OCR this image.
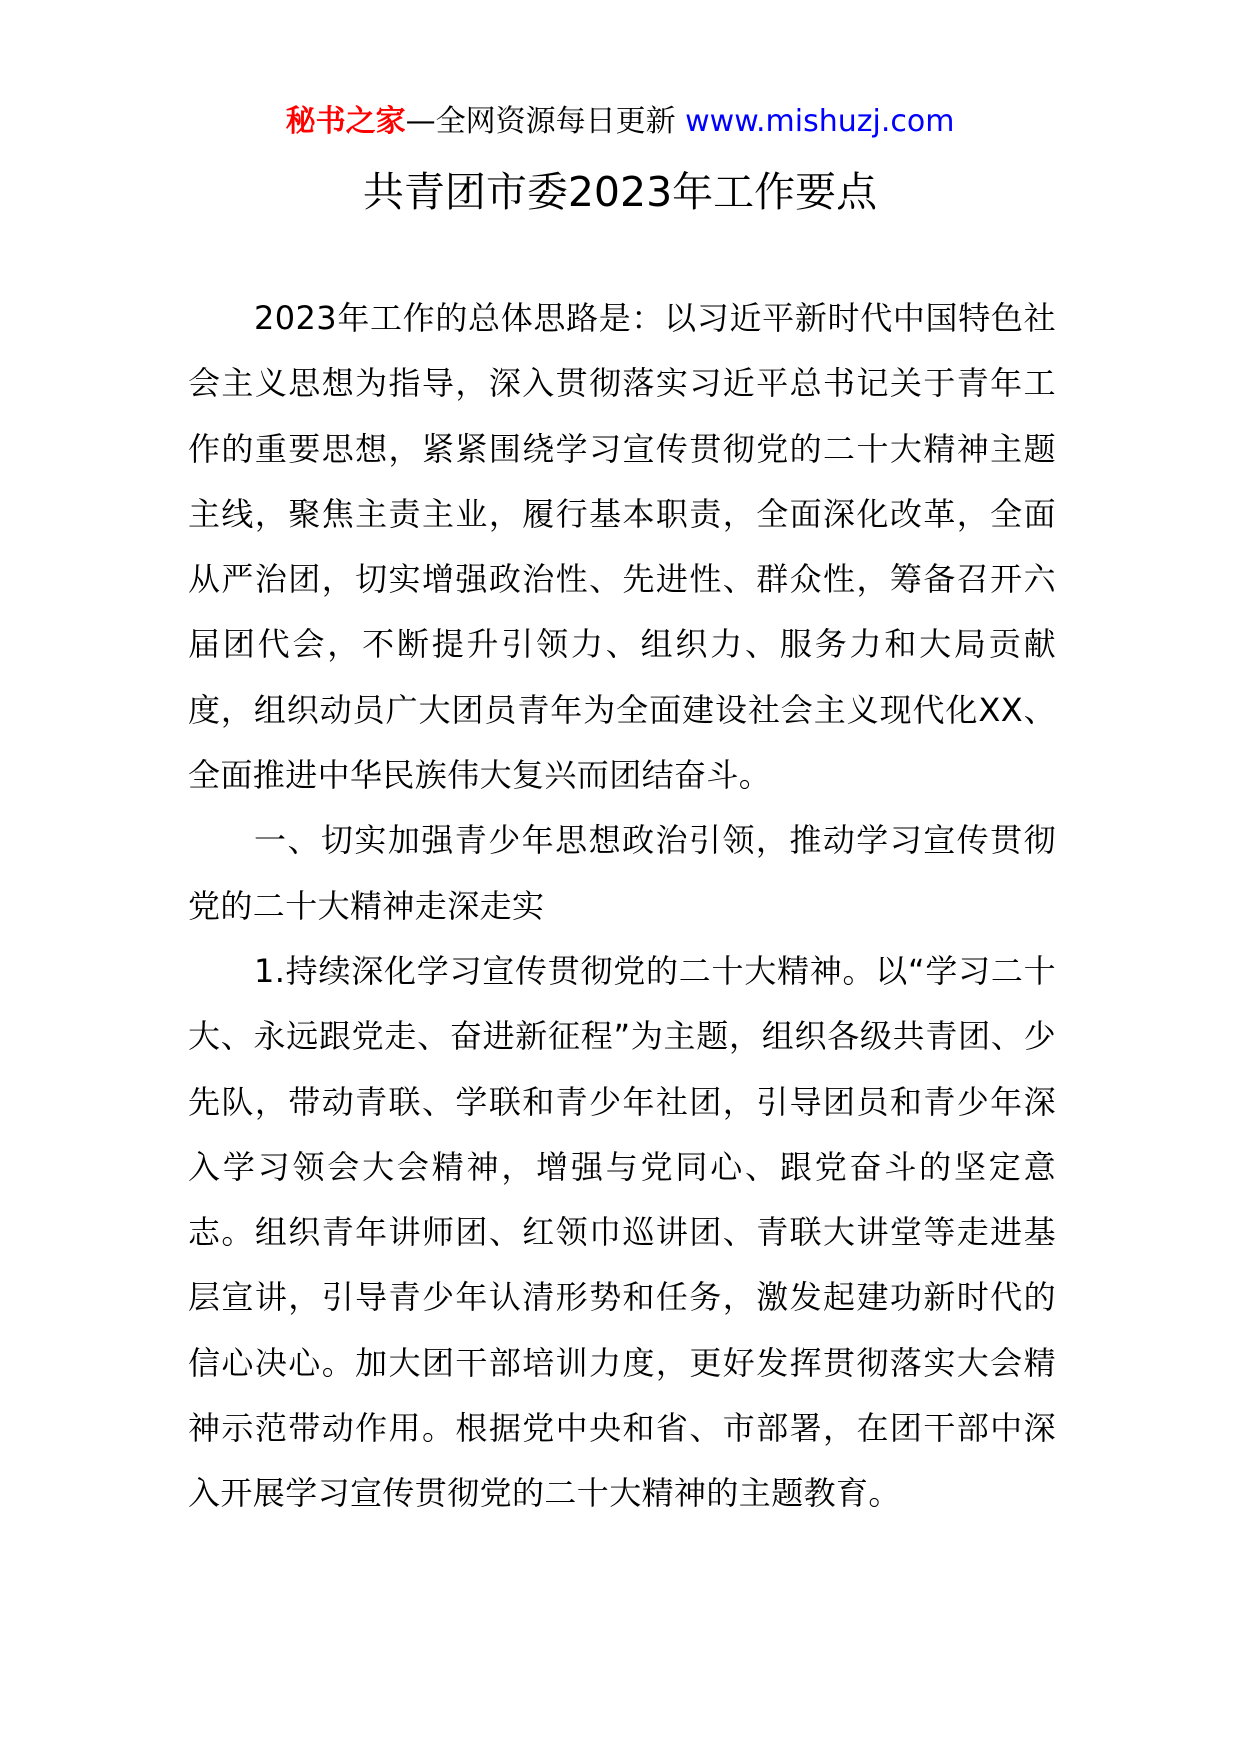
秘书之家—全网资源每日更新 www.mishuzj.com
共青团市委2023年工作要点

2023年工作的总体思路是：以习近平新时代中国特色社会主义思想为指导，深入贯彻落实习近平总书记关于青年工作的重要思想，紧紧围绕学习宣传贯彻党的二十大精神主题主线，聚焦主责主业，履行基本职责，全面深化改革，全面从严治团，切实增强政治性、先进性、群众性，筹备召开六届团代会，不断提升引领力、组织力、服务力和大局贡献度，组织动员广大团员青年为全面建设社会主义现代化XX、全面推进中华民族伟大复兴而团结奋斗。

一、切实加强青少年思想政治引领，推动学习宣传贯彻党的二十大精神走深走实

1.持续深化学习宣传贯彻党的二十大精神。以“学习二十大、永远跟党走、奋进新征程”为主题，组织各级共青团、少先队，带动青联、学联和青少年社团，引导团员和青少年深入学习领会大会精神，增强与党同心、跟党奋斗的坚定意志。组织青年讲师团、红领巾巡讲团、青联大讲堂等走进基层宣讲，引导青少年认清形势和任务，激发起建功新时代的信心决心。加大团干部培训力度，更好发挥贯彻落实大会精神示范带动作用。根据党中央和省、市部署，在团干部中深入开展学习宣传贯彻党的二十大精神的主题教育。
